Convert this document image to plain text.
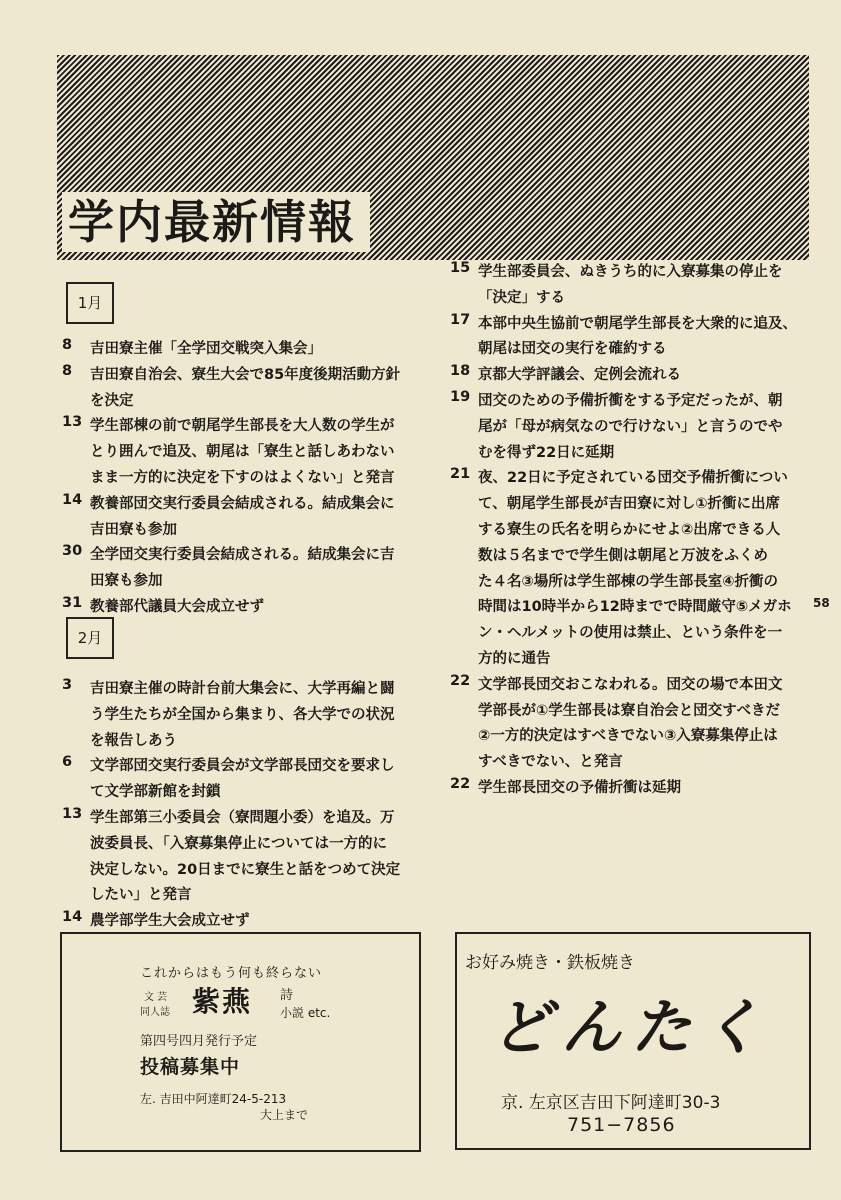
学内最新情報
1月
8	吉田寮主催「全学団交戦突入集会」
8	吉田寮自治会、寮生大会で85年度後期活動方針
を決定
13 学生部棟の前で朝尾学生部長を大人数の学生が
とり囲んで追及、朝尾は「寮生と話しあわない
まま一方的に決定を下すのはよくない」と発言
14 教養部団交実行委員会結成される。結成集会に
吉田寮も参加
30 全学団交実行委員会結成される。結成集会に吉
田寮も参加
31 教養部代議員大会成立せず
2月
3	吉田寮主催の時計台前大集会に、大学再編と闘
う学生たちが全国から集まり、各大学での状況
を報告しあう
6	文学部団交実行委員会が文学部長団交を要求し
て文学部新館を封鎖
13 学生部第三小委員会（寮問題小委）を追及。万
波委員長、「入寮募集停止については一方的に
決定しない。20日までに寮生と話をつめて決定
したい」と発言
14 農学部学生大会成立せず
15 学生部委員会、ぬきうち的に入寮募集の停止を
「決定」する
17 本部中央生協前で朝尾学生部長を大衆的に追及、
朝尾は団交の実行を確約する
18 京都大学評議会、定例会流れる
19 団交のための予備折衝をする予定だったが、朝
尾が「母が病気なので行けない」と言うのでや
むを得ず22日に延期
21 夜、22日に予定されている団交予備折衝につい
て、朝尾学生部長が吉田寮に対し①折衝に出席
する寮生の氏名を明らかにせよ②出席できる人
数は５名までで学生側は朝尾と万波をふくめ
た４名③場所は学生部棟の学生部長室④折衝の
時間は10時半から12時までで時間厳守⑤メガホ
ン・ヘルメットの使用は禁止、という条件を一
方的に通告
22 文学部長団交おこなわれる。団交の場で本田文
学部長が①学生部長は寮自治会と団交すべきだ
②一方的決定はすべきでない③入寮募集停止は
すべきでない、と発言
22 学生部長団交の予備折衝は延期
58
これからはもう何も終らない
文 芸
同人誌 紫燕 詩
小説 etc.
第四号四月発行予定
投稿募集中
左. 吉田中阿達町24-5-213
大上まで
お好み焼き・鉄板焼き
どんたく
京. 左京区吉田下阿達町30-3
751−7856
